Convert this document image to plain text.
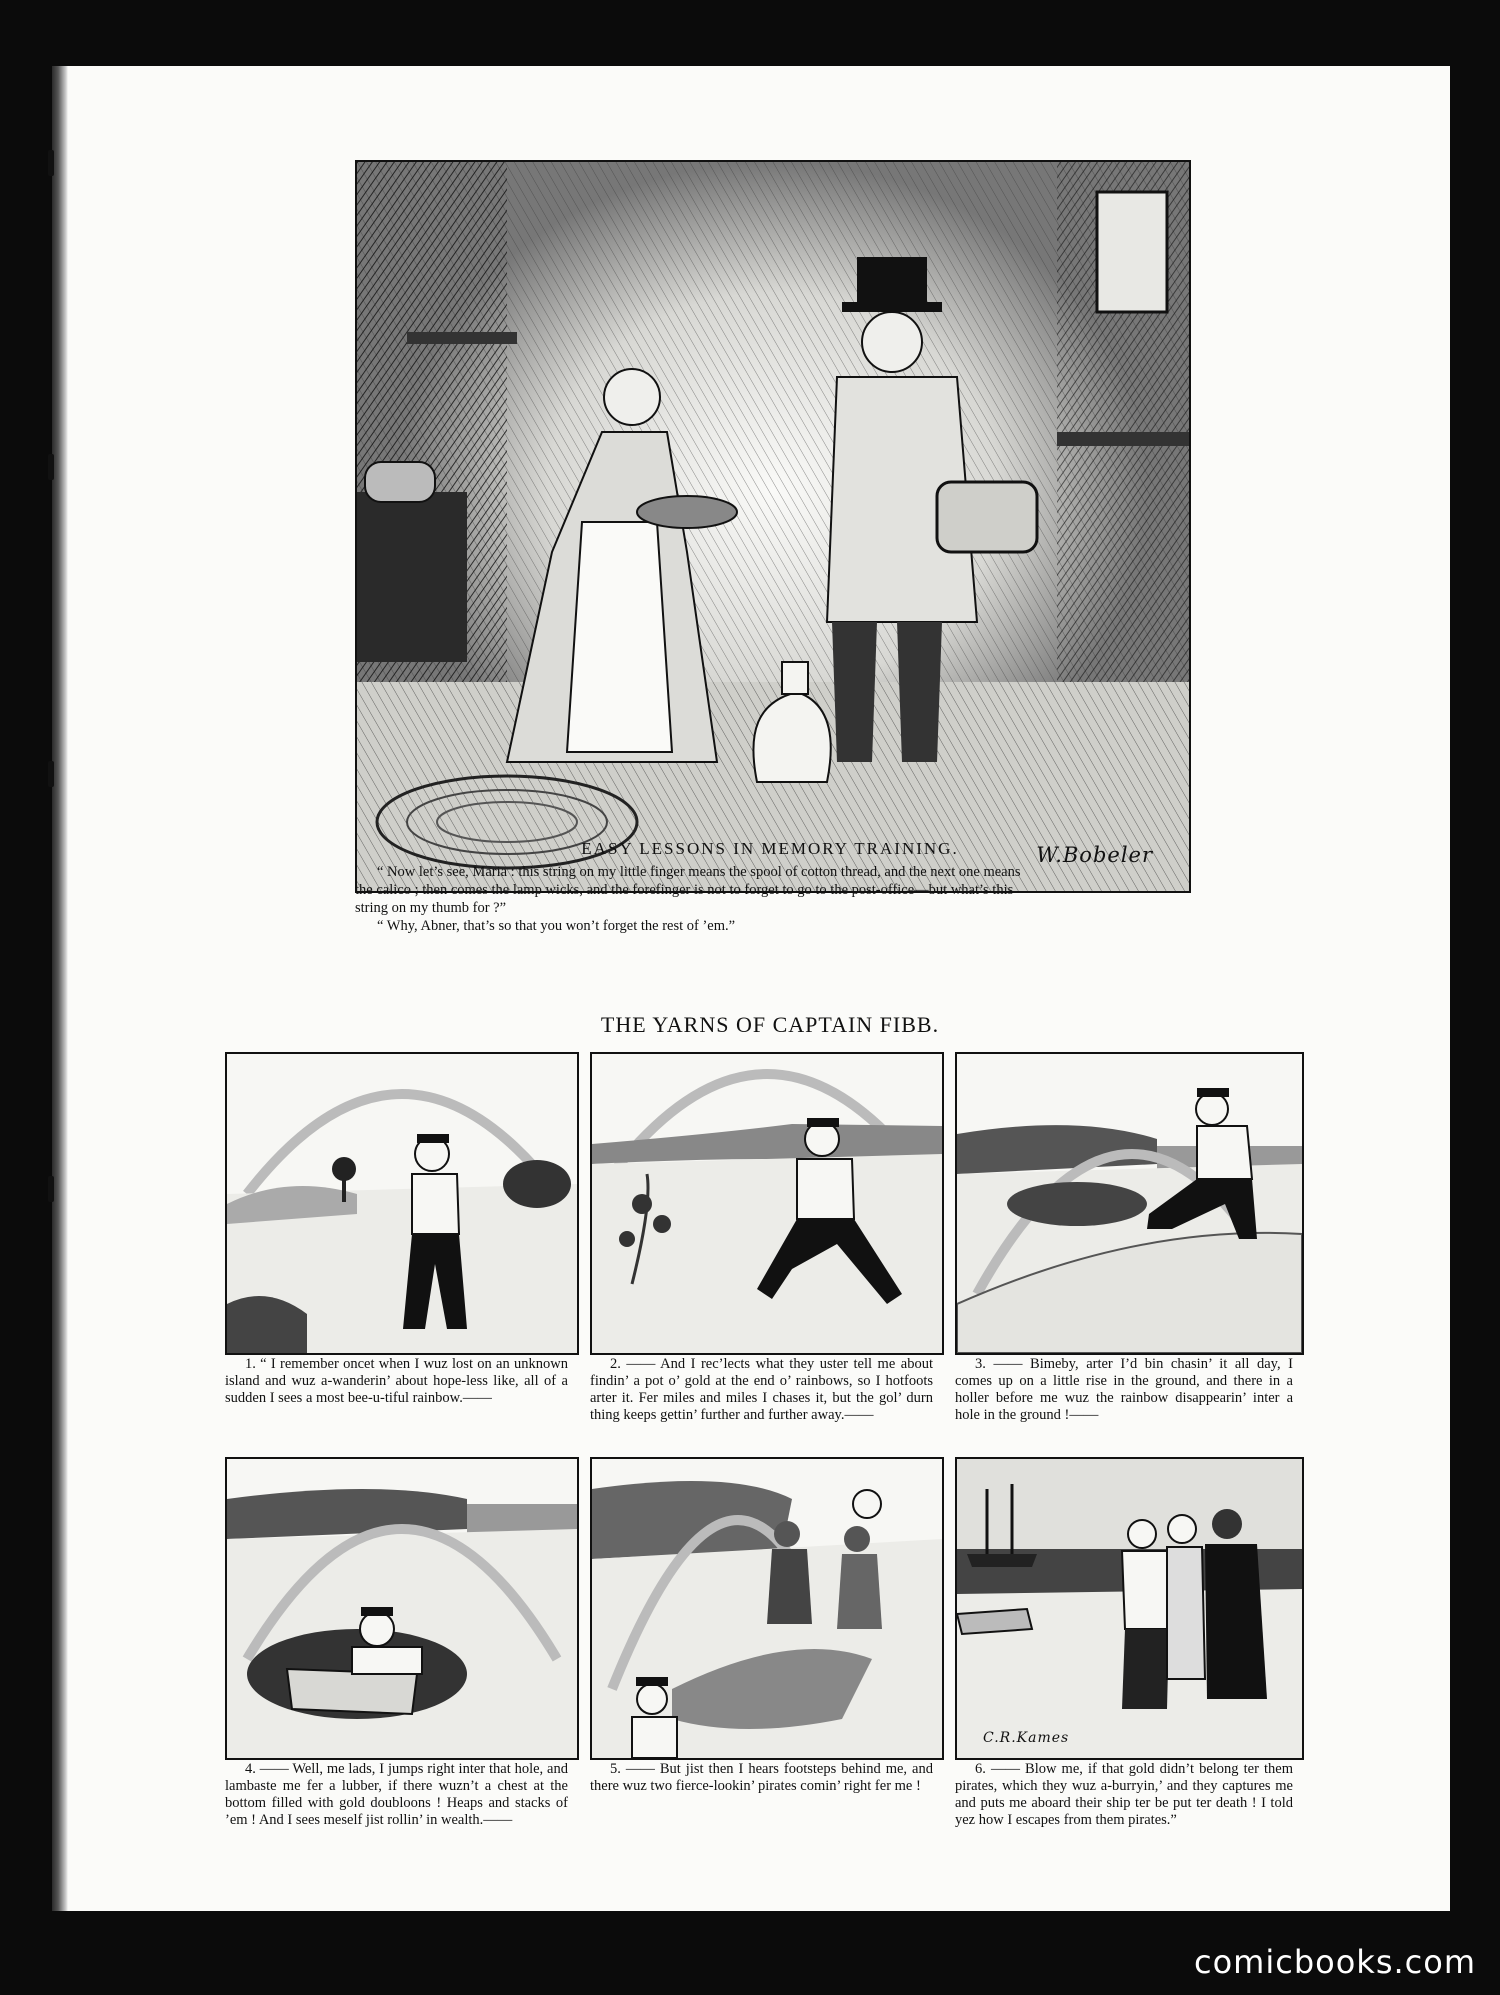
W.Bobeler
EASY LESSONS IN MEMORY TRAINING.
“ Now let’s see, Maria : this string on my little finger means the spool of cotton thread, and the next one means
the calico ; then comes the lamp wicks, and the forefinger is not to forget to go to the post-office—but what’s this
string on my thumb for ?”
“ Why, Abner, that’s so that you won’t forget the rest of ’em.”
THE YARNS OF CAPTAIN FIBB.
1. “ I remember oncet when I wuz lost on an unknown island and wuz a-wanderin’ about hope-less like, all of a sudden I sees a most bee-u-tiful rainbow.——
2. —— And I rec’lects what they uster tell me about findin’ a pot o’ gold at the end o’ rainbows, so I hotfoots arter it. Fer miles and miles I chases it, but the gol’ durn thing keeps gettin’ further and further away.——
3. —— Bimeby, arter I’d bin chasin’ it all day, I comes up on a little rise in the ground, and there in a holler before me wuz the rainbow disappearin’ inter a hole in the ground !——
C.R.Kames
4. —— Well, me lads, I jumps right inter that hole, and lambaste me fer a lubber, if there wuzn’t a chest at the bottom filled with gold doubloons ! Heaps and stacks of ’em ! And I sees meself jist rollin’ in wealth.——
5. —— But jist then I hears footsteps behind me, and there wuz two fierce-lookin’ pirates comin’ right fer me !
6. —— Blow me, if that gold didn’t belong ter them pirates, which they wuz a-burryin,’ and they captures me and puts me aboard their ship ter be put ter death ! I told yez how I escapes from them pirates.”
comicbooks.com
